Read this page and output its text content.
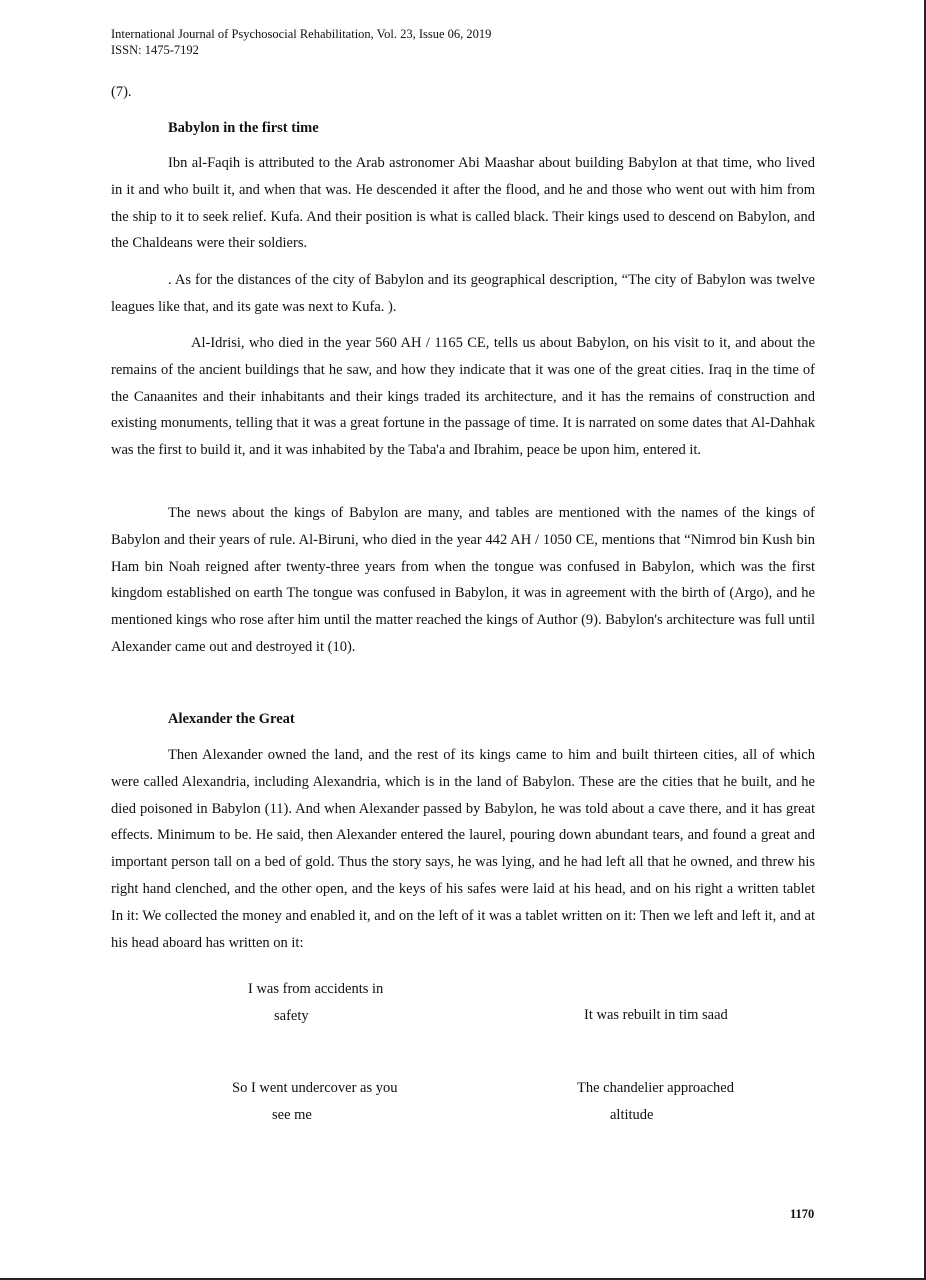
International Journal of Psychosocial Rehabilitation, Vol. 23, Issue 06, 2019
ISSN: 1475-7192
(7).
Babylon in the first time

Ibn al-Faqih is attributed to the Arab astronomer Abi Maashar about building Babylon at that time, who lived in it and who built it, and when that was. He descended it after the flood, and he and those who went out with him from the ship to it to seek relief. Kufa. And their position is what is called black. Their kings used to descend on Babylon, and the Chaldeans were their soldiers.

. As for the distances of the city of Babylon and its geographical description, “The city of Babylon was twelve leagues like that, and its gate was next to Kufa. ).

Al-Idrisi, who died in the year 560 AH / 1165 CE, tells us about Babylon, on his visit to it, and about the remains of the ancient buildings that he saw, and how they indicate that it was one of the great cities. Iraq in the time of the Canaanites and their inhabitants and their kings traded its architecture, and it has the remains of construction and existing monuments, telling that it was a great fortune in the passage of time. It is narrated on some dates that Al-Dahhak was the first to build it, and it was inhabited by the Taba'a and Ibrahim, peace be upon him, entered it.

The news about the kings of Babylon are many, and tables are mentioned with the names of the kings of Babylon and their years of rule. Al-Biruni, who died in the year 442 AH / 1050 CE, mentions that “Nimrod bin Kush bin Ham bin Noah reigned after twenty-three years from when the tongue was confused in Babylon, which was the first kingdom established on earth The tongue was confused in Babylon, it was in agreement with the birth of (Argo), and he mentioned kings who rose after him until the matter reached the kings of Author (9). Babylon's architecture was full until Alexander came out and destroyed it (10).

Alexander the Great

Then Alexander owned the land, and the rest of its kings came to him and built thirteen cities, all of which were called Alexandria, including Alexandria, which is in the land of Babylon. These are the cities that he built, and he died poisoned in Babylon (11). And when Alexander passed by Babylon, he was told about a cave there, and it has great effects. Minimum to be. He said, then Alexander entered the laurel, pouring down abundant tears, and found a great and important person tall on a bed of gold. Thus the story says, he was lying, and he had left all that he owned, and threw his right hand clenched, and the other open, and the keys of his safes were laid at his head, and on his right a written tablet In it: We collected the money and enabled it, and on the left of it was a tablet written on it: Then we left and left it, and at his head aboard has written on it:

I was from accidents in
safety	It was rebuilt in tim saad
So I went undercover as you
see me
The chandelier approached
altitude
1170
